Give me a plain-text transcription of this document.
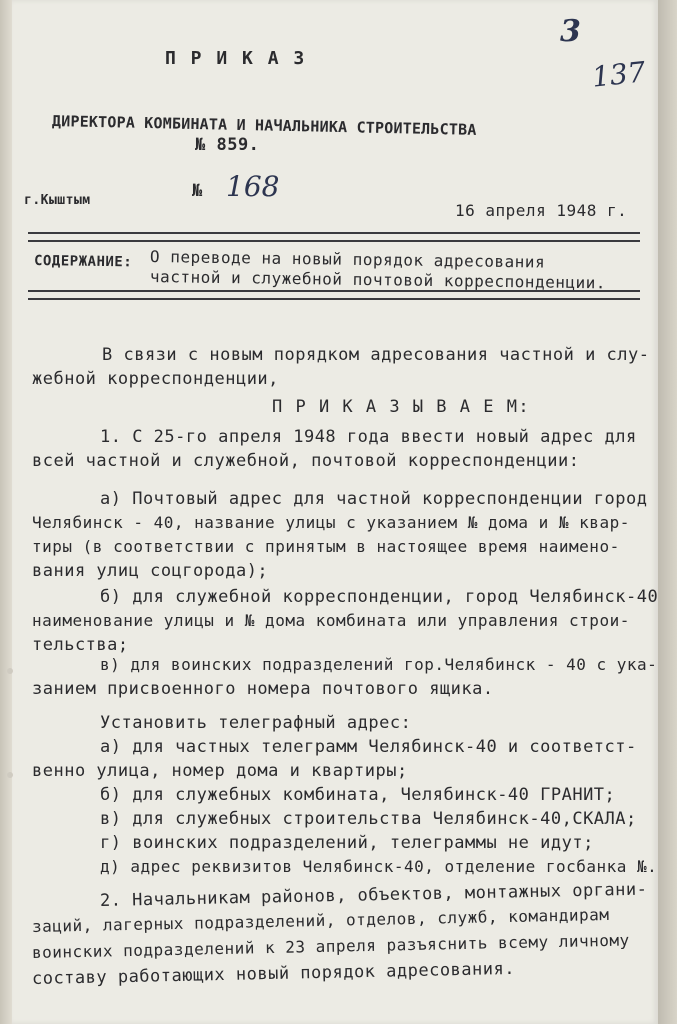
3
137
П Р И К А З
ДИРЕКТОРА КОМБИНАТА И НАЧАЛЬНИКА СТРОИТЕЛЬСТВА
№ 859.
г.Кыштым	№ 168
16 апреля 1948 г.
СОДЕРЖАНИЕ: О переводе на новый порядок адресования
частной и служебной почтовой корреспонденции.
В связи с новым порядком адресования частной и слу-
жебной корреспонденции,
П Р И К А З Ы В А Е М:
1. С 25-го апреля 1948 года ввести новый адрес для
всей частной и служебной, почтовой корреспонденции:
а) Почтовый адрес для частной корреспонденции город
Челябинск - 40, название улицы с указанием № дома и № квар-
тиры (в соответствии с принятым в настоящее время наимено-
вания улиц соцгорода);
б) для служебной корреспонденции, город Челябинск-40
наименование улицы и № дома комбината или управления строи-
тельства;
в) для воинских подразделений гор.Челябинск - 40 с ука-
занием присвоенного номера почтового ящика.
Установить телеграфный адрес:
а) для частных телеграмм Челябинск-40 и соответст-
венно улица, номер дома и квартиры;
б) для служебных комбината, Челябинск-40 ГРАНИТ;
в) для служебных строительства Челябинск-40,СКАЛА;
г) воинских подразделений, телеграммы не идут;
д) адрес реквизитов Челябинск-40, отделение госбанка №.
2. Начальникам районов, объектов, монтажных органи-
заций, лагерных подразделений, отделов, служб, командирам
воинских подразделений к 23 апреля разъяснить всему личному
составу работающих новый порядок адресования.
